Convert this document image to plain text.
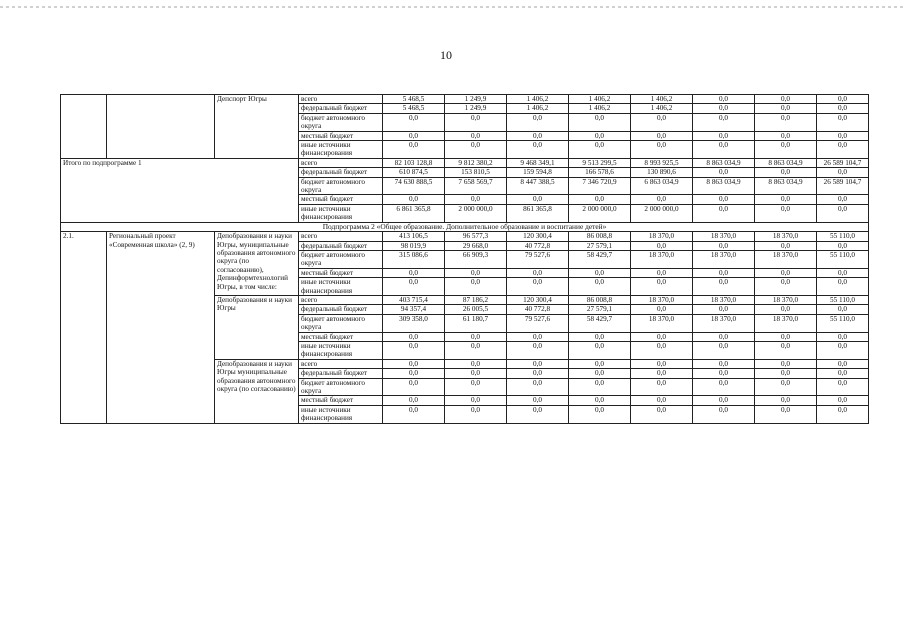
10
		Депспорт Югры	всего	5 468,5	1 249,9	1 406,2	1 406,2	1 406,2	0,0	0,0	0,0
			федеральный бюджет	5 468,5	1 249,9	1 406,2	1 406,2	1 406,2	0,0	0,0	0,0
			бюджет автономного округа	0,0	0,0	0,0	0,0	0,0	0,0	0,0	0,0
			местный бюджет	0,0	0,0	0,0	0,0	0,0	0,0	0,0	0,0
			иные источники финансирования	0,0	0,0	0,0	0,0	0,0	0,0	0,0	0,0
Итого по подпрограмме 1			всего	82 103 128,8	9 812 380,2	9 468 349,1	9 513 299,5	8 993 925,5	8 863 034,9	8 863 034,9	26 589 104,7
			федеральный бюджет	610 874,5	153 810,5	159 594,8	166 578,6	130 890,6	0,0	0,0	0,0
			бюджет автономного округа	74 630 888,5	7 658 569,7	8 447 388,5	7 346 720,9	6 863 034,9	8 863 034,9	8 863 034,9	26 589 104,7
			местный бюджет	0,0	0,0	0,0	0,0	0,0	0,0	0,0	0,0
			иные источники финансирования	6 861 365,8	2 000 000,0	861 365,8	2 000 000,0	2 000 000,0	0,0	0,0	0,0
Подпрограмма 2 «Общее образование. Дополнительное образование и воспитание детей»											
2.1.	Региональный проект «Современная школа» (2, 9)	Депобразования и науки Югры, муниципальные образования автономного округа (по согласованию), Депинформтехнологий Югры, в том числе:	всего	413 106,5	96 577,3	120 300,4	86 008,8	18 370,0	18 370,0	18 370,0	55 110,0
			федеральный бюджет	98 019,9	29 668,0	40 772,8	27 579,1	0,0	0,0	0,0	0,0
			бюджет автономного округа	315 086,6	66 909,3	79 527,6	58 429,7	18 370,0	18 370,0	18 370,0	55 110,0
			местный бюджет	0,0	0,0	0,0	0,0	0,0	0,0	0,0	0,0
			иные источники финансирования	0,0	0,0	0,0	0,0	0,0	0,0	0,0	0,0
		Депобразования и науки Югры	всего	403 715,4	87 186,2	120 300,4	86 008,8	18 370,0	18 370,0	18 370,0	55 110,0
			федеральный бюджет	94 357,4	26 005,5	40 772,8	27 579,1	0,0	0,0	0,0	0,0
			бюджет автономного округа	309 358,0	61 180,7	79 527,6	58 429,7	18 370,0	18 370,0	18 370,0	55 110,0
			местный бюджет	0,0	0,0	0,0	0,0	0,0	0,0	0,0	0,0
			иные источники финансирования	0,0	0,0	0,0	0,0	0,0	0,0	0,0	0,0
		Депобразования и науки Югры муниципальные образования автономного округа (по согласованию)	всего	0,0	0,0	0,0	0,0	0,0	0,0	0,0	0,0
			федеральный бюджет	0,0	0,0	0,0	0,0	0,0	0,0	0,0	0,0
			бюджет автономного округа	0,0	0,0	0,0	0,0	0,0	0,0	0,0	0,0
			местный бюджет	0,0	0,0	0,0	0,0	0,0	0,0	0,0	0,0
			иные источники финансирования	0,0	0,0	0,0	0,0	0,0	0,0	0,0	0,0
